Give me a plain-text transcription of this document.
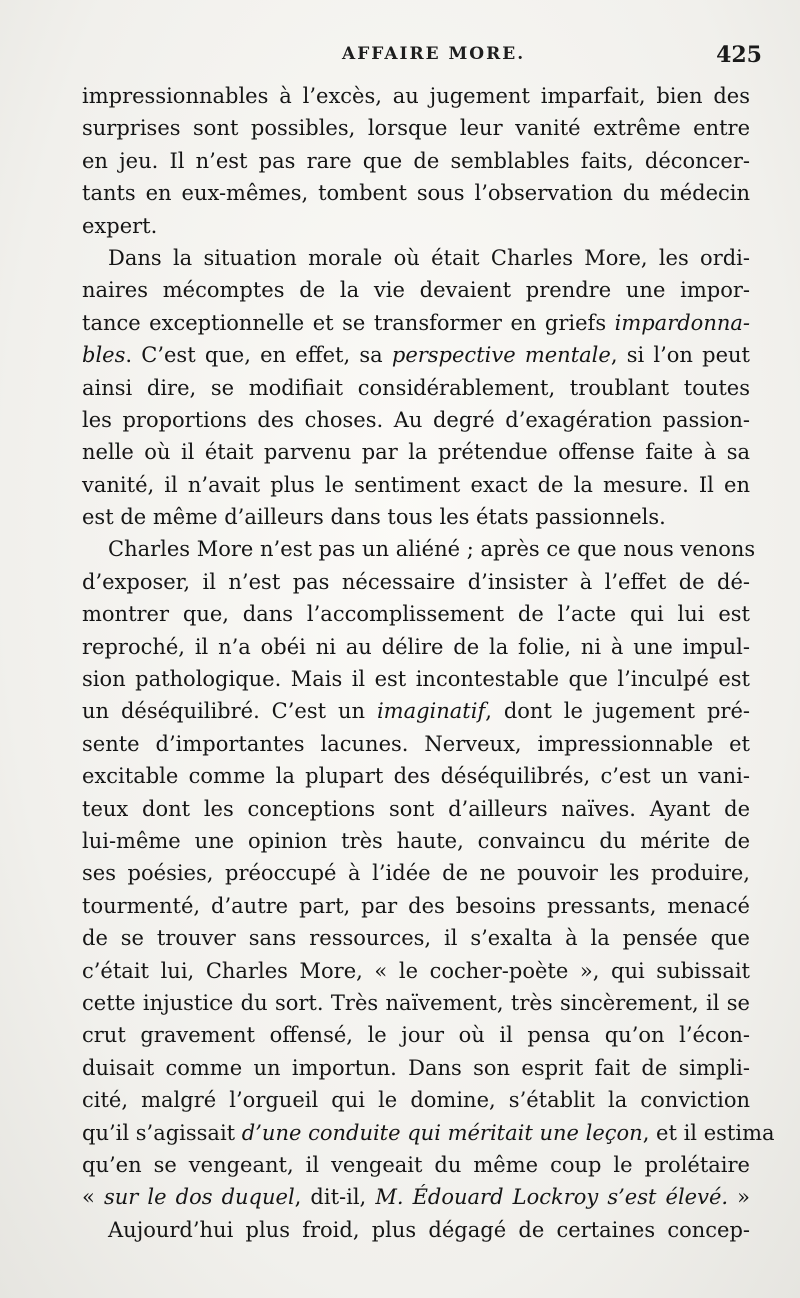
AFFAIRE MORE.	425
impressionnables à l’excès, au jugement imparfait, bien des
surprises sont possibles, lorsque leur vanité extrême entre
en jeu. Il n’est pas rare que de semblables faits, déconcer-
tants en eux-mêmes, tombent sous l’observation du médecin
expert.
Dans la situation morale où était Charles More, les ordi-
naires mécomptes de la vie devaient prendre une impor-
tance exceptionnelle et se transformer en griefs impardonna-
bles. C’est que, en effet, sa perspective mentale, si l’on peut
ainsi dire, se modifiait considérablement, troublant toutes
les proportions des choses. Au degré d’exagération passion-
nelle où il était parvenu par la prétendue offense faite à sa
vanité, il n’avait plus le sentiment exact de la mesure. Il en
est de même d’ailleurs dans tous les états passionnels.
Charles More n’est pas un aliéné ; après ce que nous venons
d’exposer, il n’est pas nécessaire d’insister à l’effet de dé-
montrer que, dans l’accomplissement de l’acte qui lui est
reproché, il n’a obéi ni au délire de la folie, ni à une impul-
sion pathologique. Mais il est incontestable que l’inculpé est
un déséquilibré. C’est un imaginatif, dont le jugement pré-
sente d’importantes lacunes. Nerveux, impressionnable et
excitable comme la plupart des déséquilibrés, c’est un vani-
teux dont les conceptions sont d’ailleurs naïves. Ayant de
lui-même une opinion très haute, convaincu du mérite de
ses poésies, préoccupé à l’idée de ne pouvoir les produire,
tourmenté, d’autre part, par des besoins pressants, menacé
de se trouver sans ressources, il s’exalta à la pensée que
c’était lui, Charles More, « le cocher-poète », qui subissait
cette injustice du sort. Très naïvement, très sincèrement, il se
crut gravement offensé, le jour où il pensa qu’on l’écon-
duisait comme un importun. Dans son esprit fait de simpli-
cité, malgré l’orgueil qui le domine, s’établit la conviction
qu’il s’agissait d’une conduite qui méritait une leçon, et il estima
qu’en se vengeant, il vengeait du même coup le prolétaire
« sur le dos duquel, dit-il, M. Édouard Lockroy s’est élevé. »
Aujourd’hui plus froid, plus dégagé de certaines concep-
